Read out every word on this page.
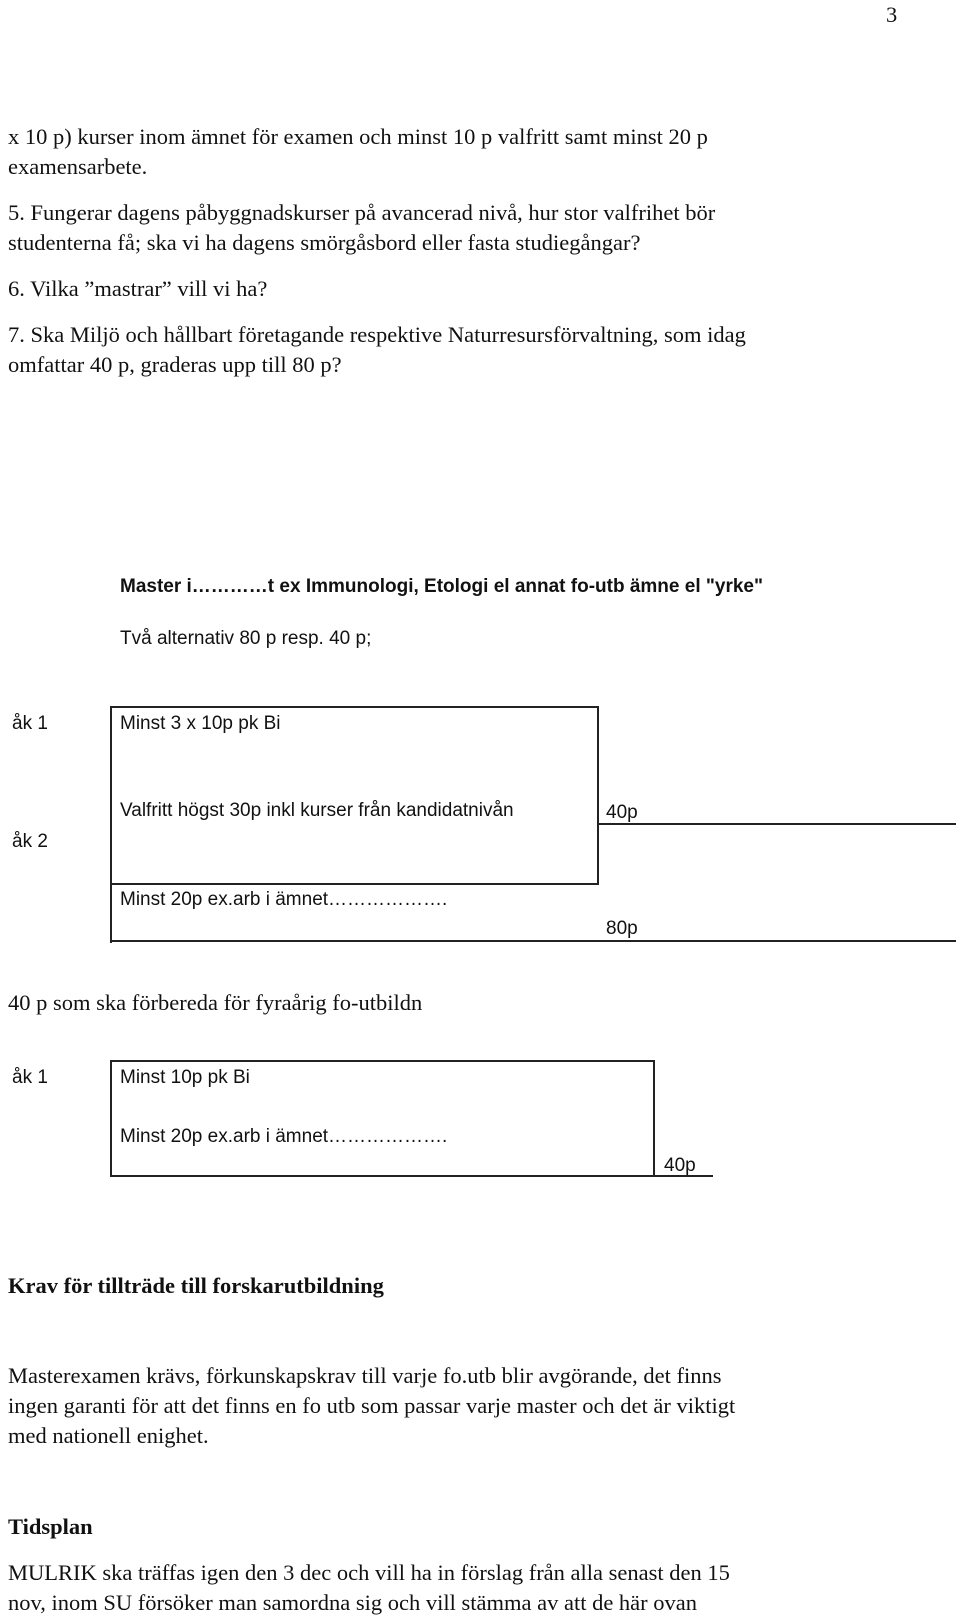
3
x 10 p) kurser inom ämnet för examen och minst 10 p valfritt samt minst 20 p
examensarbete.
5. Fungerar dagens påbyggnadskurser på avancerad nivå, hur stor valfrihet bör
studenterna få; ska vi ha dagens smörgåsbord eller fasta studiegångar?
6. Vilka ”mastrar” vill vi ha?
7. Ska Miljö och hållbart företagande respektive Naturresursförvaltning, som idag
omfattar 40 p, graderas upp till 80 p?
Master i…………t ex Immunologi, Etologi el annat fo-utb ämne el "yrke"
Två alternativ 80 p resp. 40 p;
åk 1
åk 2
Minst 3 x 10p pk Bi
Valfritt högst 30p inkl kurser från kandidatnivån	40p
Minst 20p ex.arb i ämnet……………….
80p
40 p som ska förbereda för fyraårig fo-utbildn
åk 1	Minst 10p pk Bi
Minst 20p ex.arb i ämnet……………….
40p
Krav för tillträde till forskarutbildning
Masterexamen krävs, förkunskapskrav till varje fo.utb blir avgörande, det finns
ingen garanti för att det finns en fo utb som passar varje master och det är viktigt
med nationell enighet.
Tidsplan
MULRIK ska träffas igen den 3 dec och vill ha in förslag från alla senast den 15
nov, inom SU försöker man samordna sig och vill stämma av att de här ovan
